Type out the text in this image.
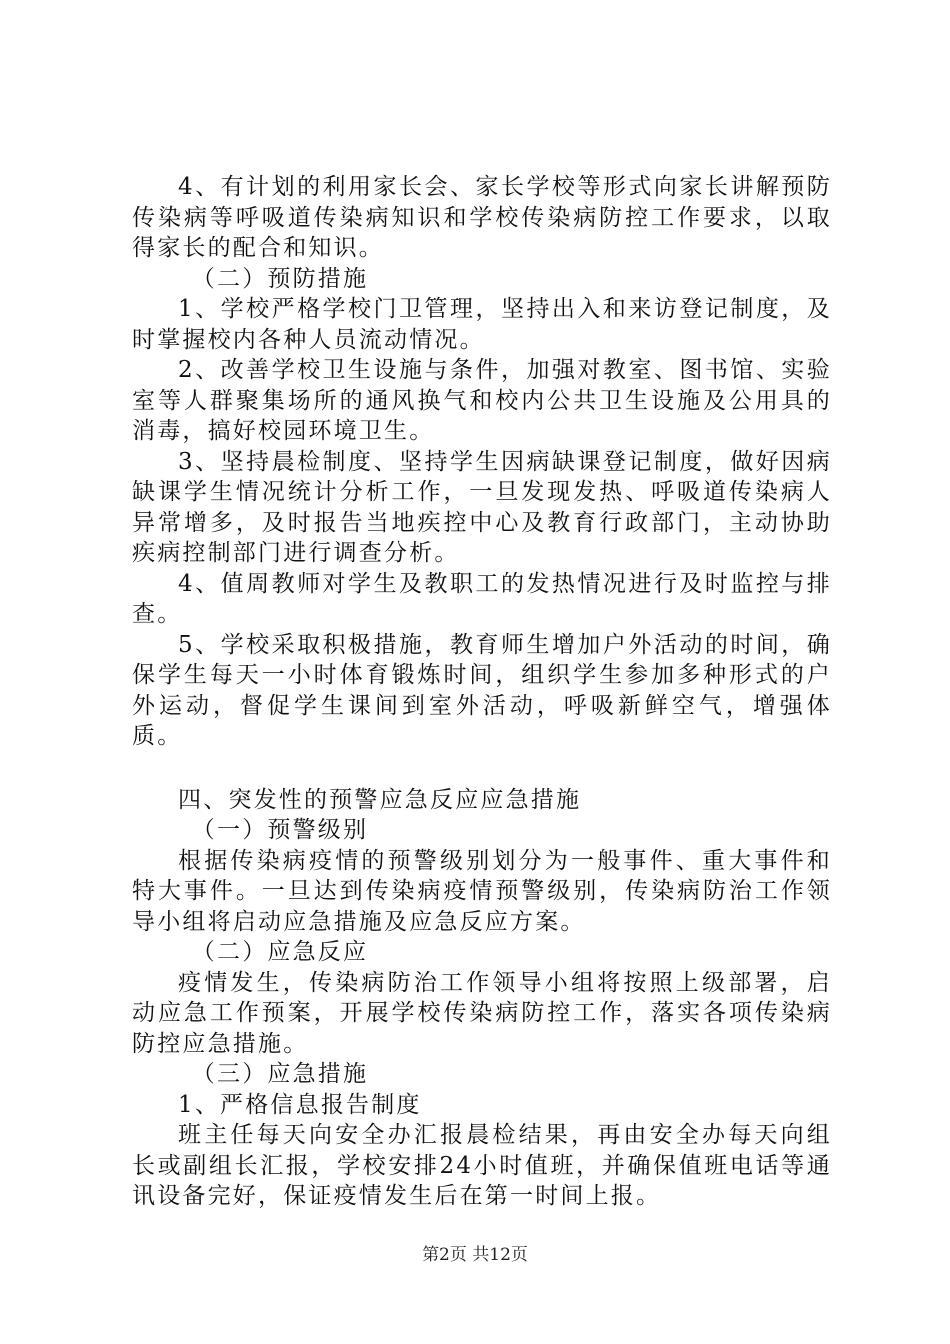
4、有计划的利用家长会、家长学校等形式向家长讲解预防传染病等呼吸道传染病知识和学校传染病防控工作要求，以取得家长的配合和知识。

（二）预防措施

1、学校严格学校门卫管理，坚持出入和来访登记制度，及时掌握校内各种人员流动情况。

2、改善学校卫生设施与条件，加强对教室、图书馆、实验室等人群聚集场所的通风换气和校内公共卫生设施及公用具的消毒，搞好校园环境卫生。

3、坚持晨检制度、坚持学生因病缺课登记制度，做好因病缺课学生情况统计分析工作，一旦发现发热、呼吸道传染病人异常增多，及时报告当地疾控中心及教育行政部门，主动协助疾病控制部门进行调查分析。

4、值周教师对学生及教职工的发热情况进行及时监控与排查。

5、学校采取积极措施，教育师生增加户外活动的时间，确保学生每天一小时体育锻炼时间，组织学生参加多种形式的户外运动，督促学生课间到室外活动，呼吸新鲜空气，增强体质。

四、突发性的预警应急反应应急措施

（一）预警级别

根据传染病疫情的预警级别划分为一般事件、重大事件和特大事件。一旦达到传染病疫情预警级别，传染病防治工作领导小组将启动应急措施及应急反应方案。

（二）应急反应

疫情发生，传染病防治工作领导小组将按照上级部署，启动应急工作预案，开展学校传染病防控工作，落实各项传染病防控应急措施。

（三）应急措施

1、严格信息报告制度

班主任每天向安全办汇报晨检结果，再由安全办每天向组长或副组长汇报，学校安排24小时值班，并确保值班电话等通讯设备完好，保证疫情发生后在第一时间上报。

第2页 共12页
